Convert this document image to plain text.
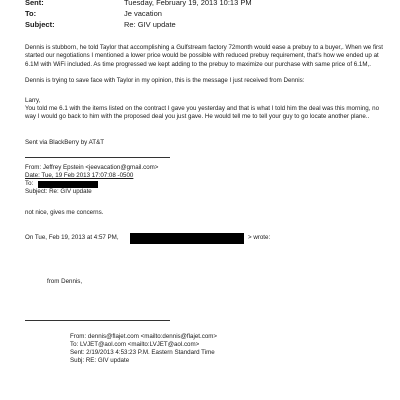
Sent:	Tuesday, February 19, 2013 10:13 PM
To:	Je vacation
Subject:	Re: GIV update
Dennis is stubborn, he told Taylor that accomplishing a Gulfstream factory 72month would ease a prebuy to a buyer,. When we first started our negotiations I mentioned a lower price would be possible with reduced prebuy requirement, that's how we ended up at 6.1M with WiFi included. As time progressed we kept adding to the prebuy to maximize our purchase with same price of 6.1M,.
Dennis is trying to save face with Taylor in my opinion, this is the message I just received from Dennis:
Larry,
You told me 6.1 with the items listed on the contract I gave you yesterday and that is what I told him the deal was this morning, no way I would go back to him with the proposed deal you just gave. He would tell me to tell your guy to go locate another plane..
Sent via BlackBerry by AT&T
From: Jeffrey Epstein <jeevacation@gmail.com>
Date: Tue, 19 Feb 2013 17:07:08 -0500
To:
Subject: Re: GIV update
not nice, gives me concerns.
On Tue, Feb 19, 2013 at 4:57 PM,	> wrote:
from Dennis,
From: dennis@flajet.com <mailto:dennis@flajet.com>
To: LVJET@aol.com <mailto:LVJET@aol.com>
Sent: 2/19/2013 4:53:23 P.M. Eastern Standard Time
Subj: RE: GIV update
